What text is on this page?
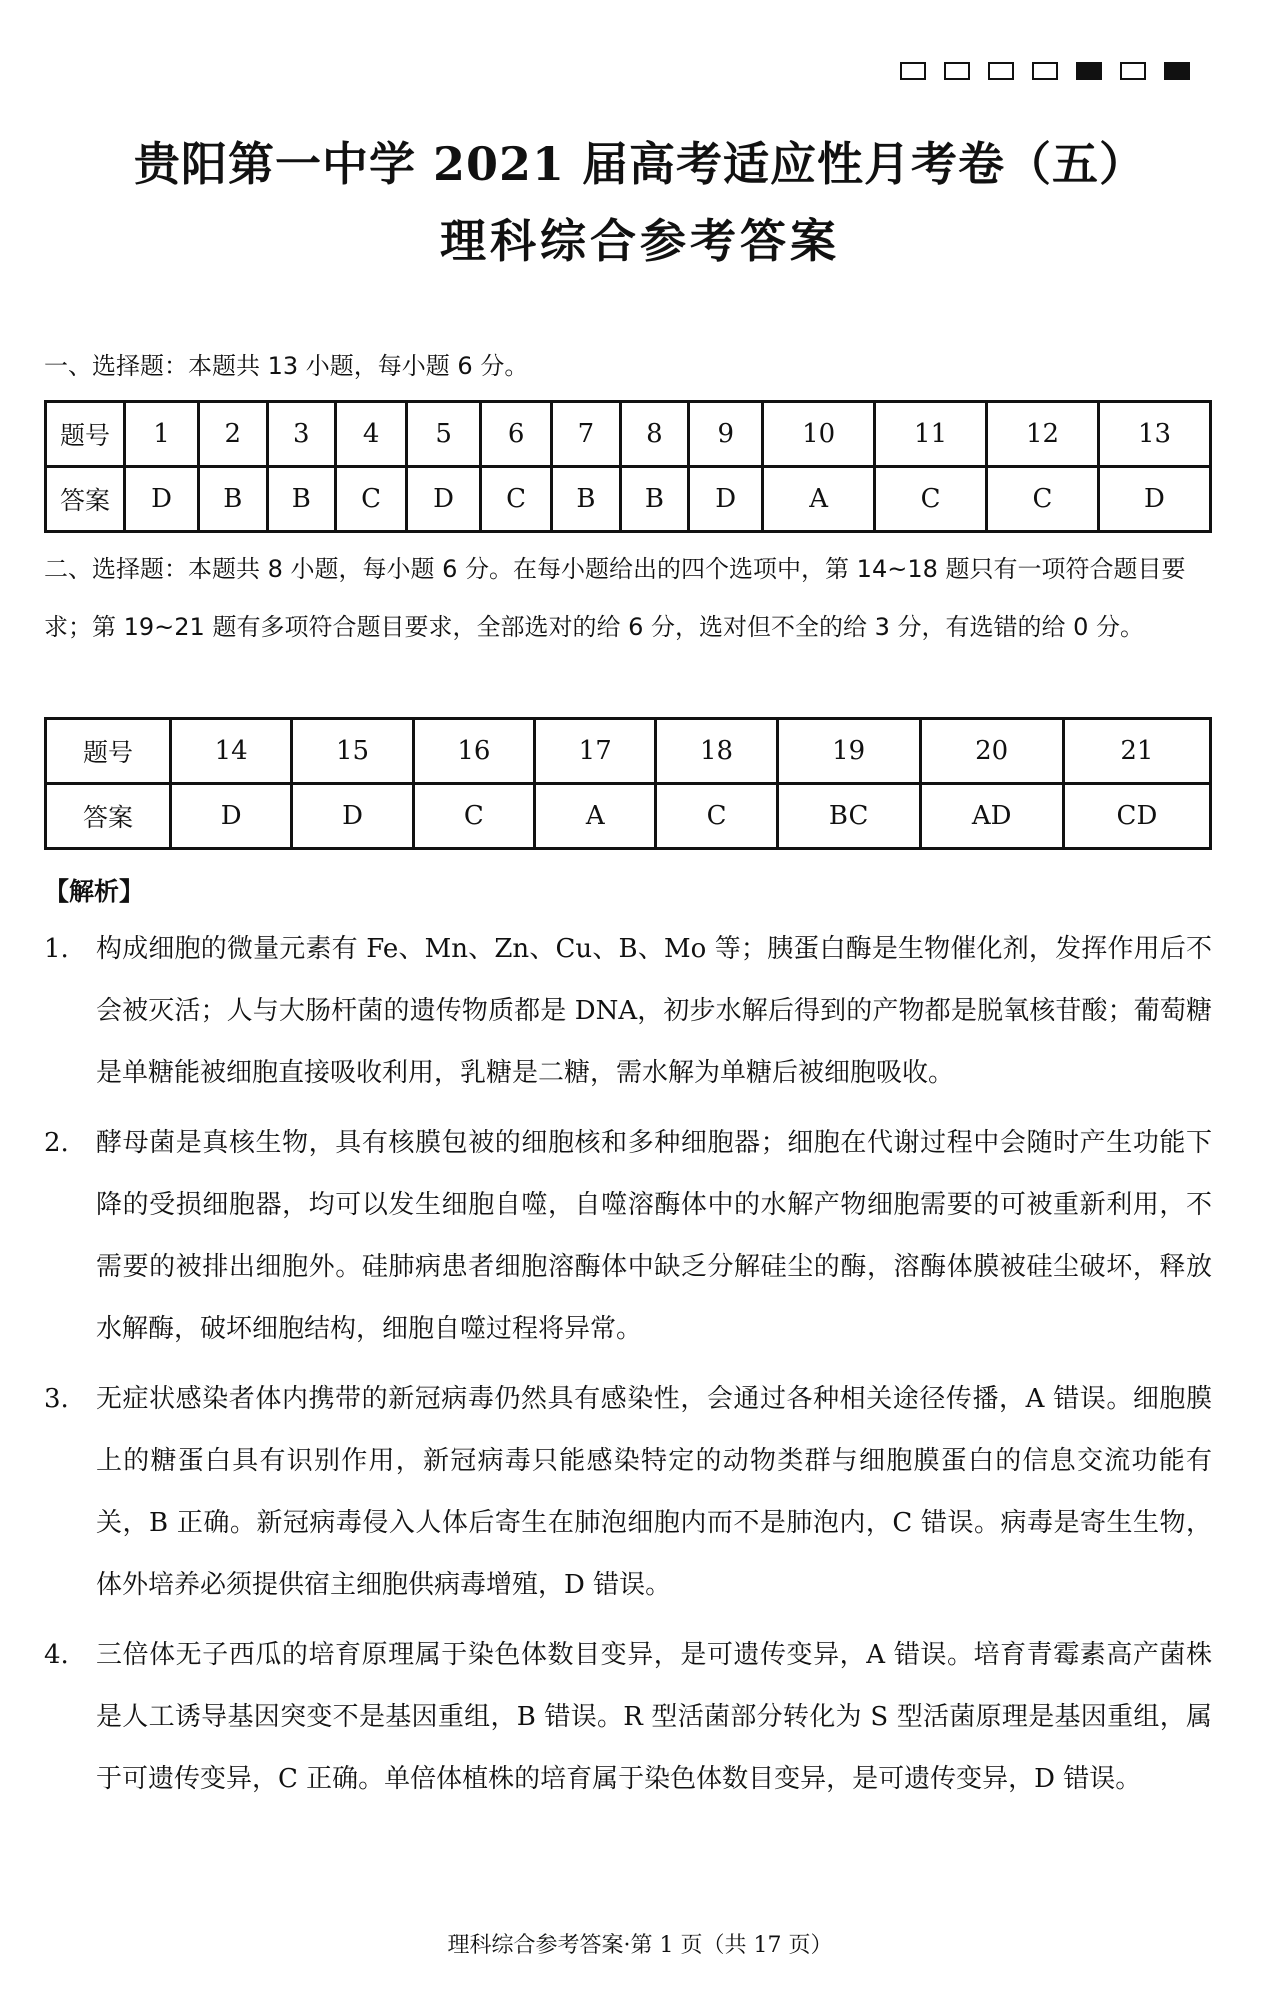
贵阳第一中学 2021 届高考适应性月考卷（五）
理科综合参考答案
一、选择题：本题共 13 小题，每小题 6 分。
题号	1	2	3	4	5	6	7	8	9	10	11	12	13
答案	D	B	B	C	D	C	B	B	D	A	C	C	D
二、选择题：本题共 8 小题，每小题 6 分。在每小题给出的四个选项中，第 14~18 题只有一项符合题目要求；第 19~21 题有多项符合题目要求，全部选对的给 6 分，选对但不全的给 3 分，有选错的给 0 分。
题号	14	15	16	17	18	19	20	21
答案	D	D	C	A	C	BC	AD	CD
【解析】
1.	构成细胞的微量元素有 Fe、Mn、Zn、Cu、B、Mo 等；胰蛋白酶是生物催化剂，发挥作用后不会被灭活；人与大肠杆菌的遗传物质都是 DNA，初步水解后得到的产物都是脱氧核苷酸；葡萄糖是单糖能被细胞直接吸收利用，乳糖是二糖，需水解为单糖后被细胞吸收。
2.	酵母菌是真核生物，具有核膜包被的细胞核和多种细胞器；细胞在代谢过程中会随时产生功能下降的受损细胞器，均可以发生细胞自噬，自噬溶酶体中的水解产物细胞需要的可被重新利用，不需要的被排出细胞外。硅肺病患者细胞溶酶体中缺乏分解硅尘的酶，溶酶体膜被硅尘破坏，释放水解酶，破坏细胞结构，细胞自噬过程将异常。
3.	无症状感染者体内携带的新冠病毒仍然具有感染性，会通过各种相关途径传播，A 错误。细胞膜上的糖蛋白具有识别作用，新冠病毒只能感染特定的动物类群与细胞膜蛋白的信息交流功能有关，B 正确。新冠病毒侵入人体后寄生在肺泡细胞内而不是肺泡内，C 错误。病毒是寄生生物，体外培养必须提供宿主细胞供病毒增殖，D 错误。
4.	三倍体无子西瓜的培育原理属于染色体数目变异，是可遗传变异，A 错误。培育青霉素高产菌株是人工诱导基因突变不是基因重组，B 错误。R 型活菌部分转化为 S 型活菌原理是基因重组，属于可遗传变异，C 正确。单倍体植株的培育属于染色体数目变异，是可遗传变异，D 错误。
理科综合参考答案·第 1 页（共 17 页）
